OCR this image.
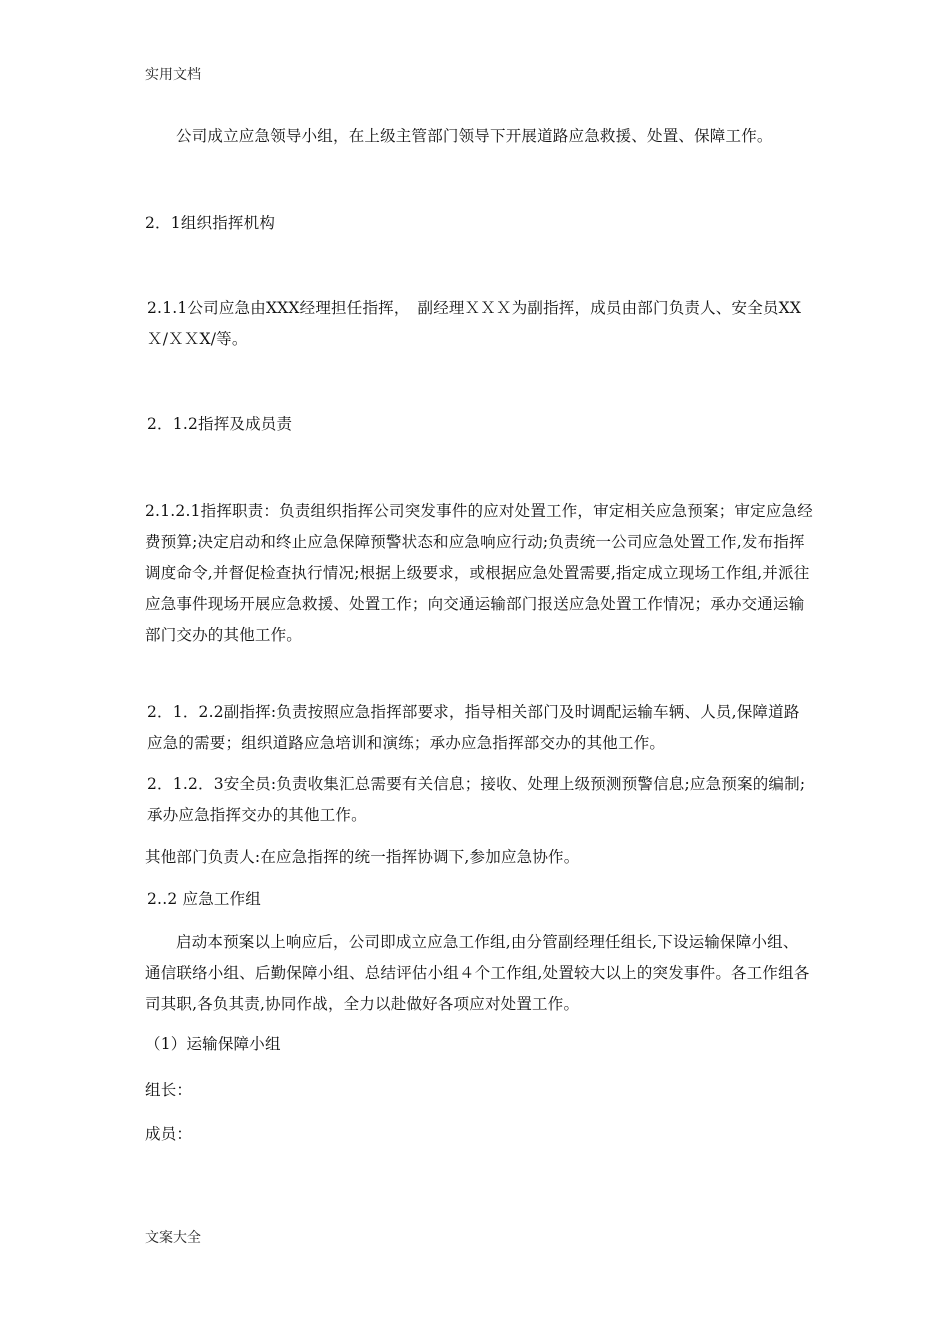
实用文档

公司成立应急领导小组，在上级主管部门领导下开展道路应急救援、处置、保障工作。

2．1组织指挥机构

2.1.1公司应急由XXX经理担任指挥，　副经理ＸＸＸ为副指挥，成员由部门负责人、安全员XXＸ/ＸＸX/等。

2．1.2指挥及成员责

2.1.2.1指挥职责：负责组织指挥公司突发事件的应对处置工作，审定相关应急预案；审定应急经费预算;决定启动和终止应急保障预警状态和应急响应行动;负责统一公司应急处置工作,发布指挥调度命令,并督促检查执行情况;根据上级要求，或根据应急处置需要,指定成立现场工作组,并派往应急事件现场开展应急救援、处置工作；向交通运输部门报送应急处置工作情况；承办交通运输部门交办的其他工作。

2．1．2.2副指挥:负责按照应急指挥部要求，指导相关部门及时调配运输车辆、人员,保障道路应急的需要；组织道路应急培训和演练；承办应急指挥部交办的其他工作。

2．1.2．3安全员:负责收集汇总需要有关信息；接收、处理上级预测预警信息;应急预案的编制;承办应急指挥交办的其他工作。

其他部门负责人:在应急指挥的统一指挥协调下,参加应急协作。

2..2 应急工作组

启动本预案以上响应后，公司即成立应急工作组,由分管副经理任组长,下设运输保障小组、通信联络小组、后勤保障小组、总结评估小组４个工作组,处置较大以上的突发事件。各工作组各司其职,各负其责,协同作战，全力以赴做好各项应对处置工作。

（1）运输保障小组

组长：

成员：

文案大全
